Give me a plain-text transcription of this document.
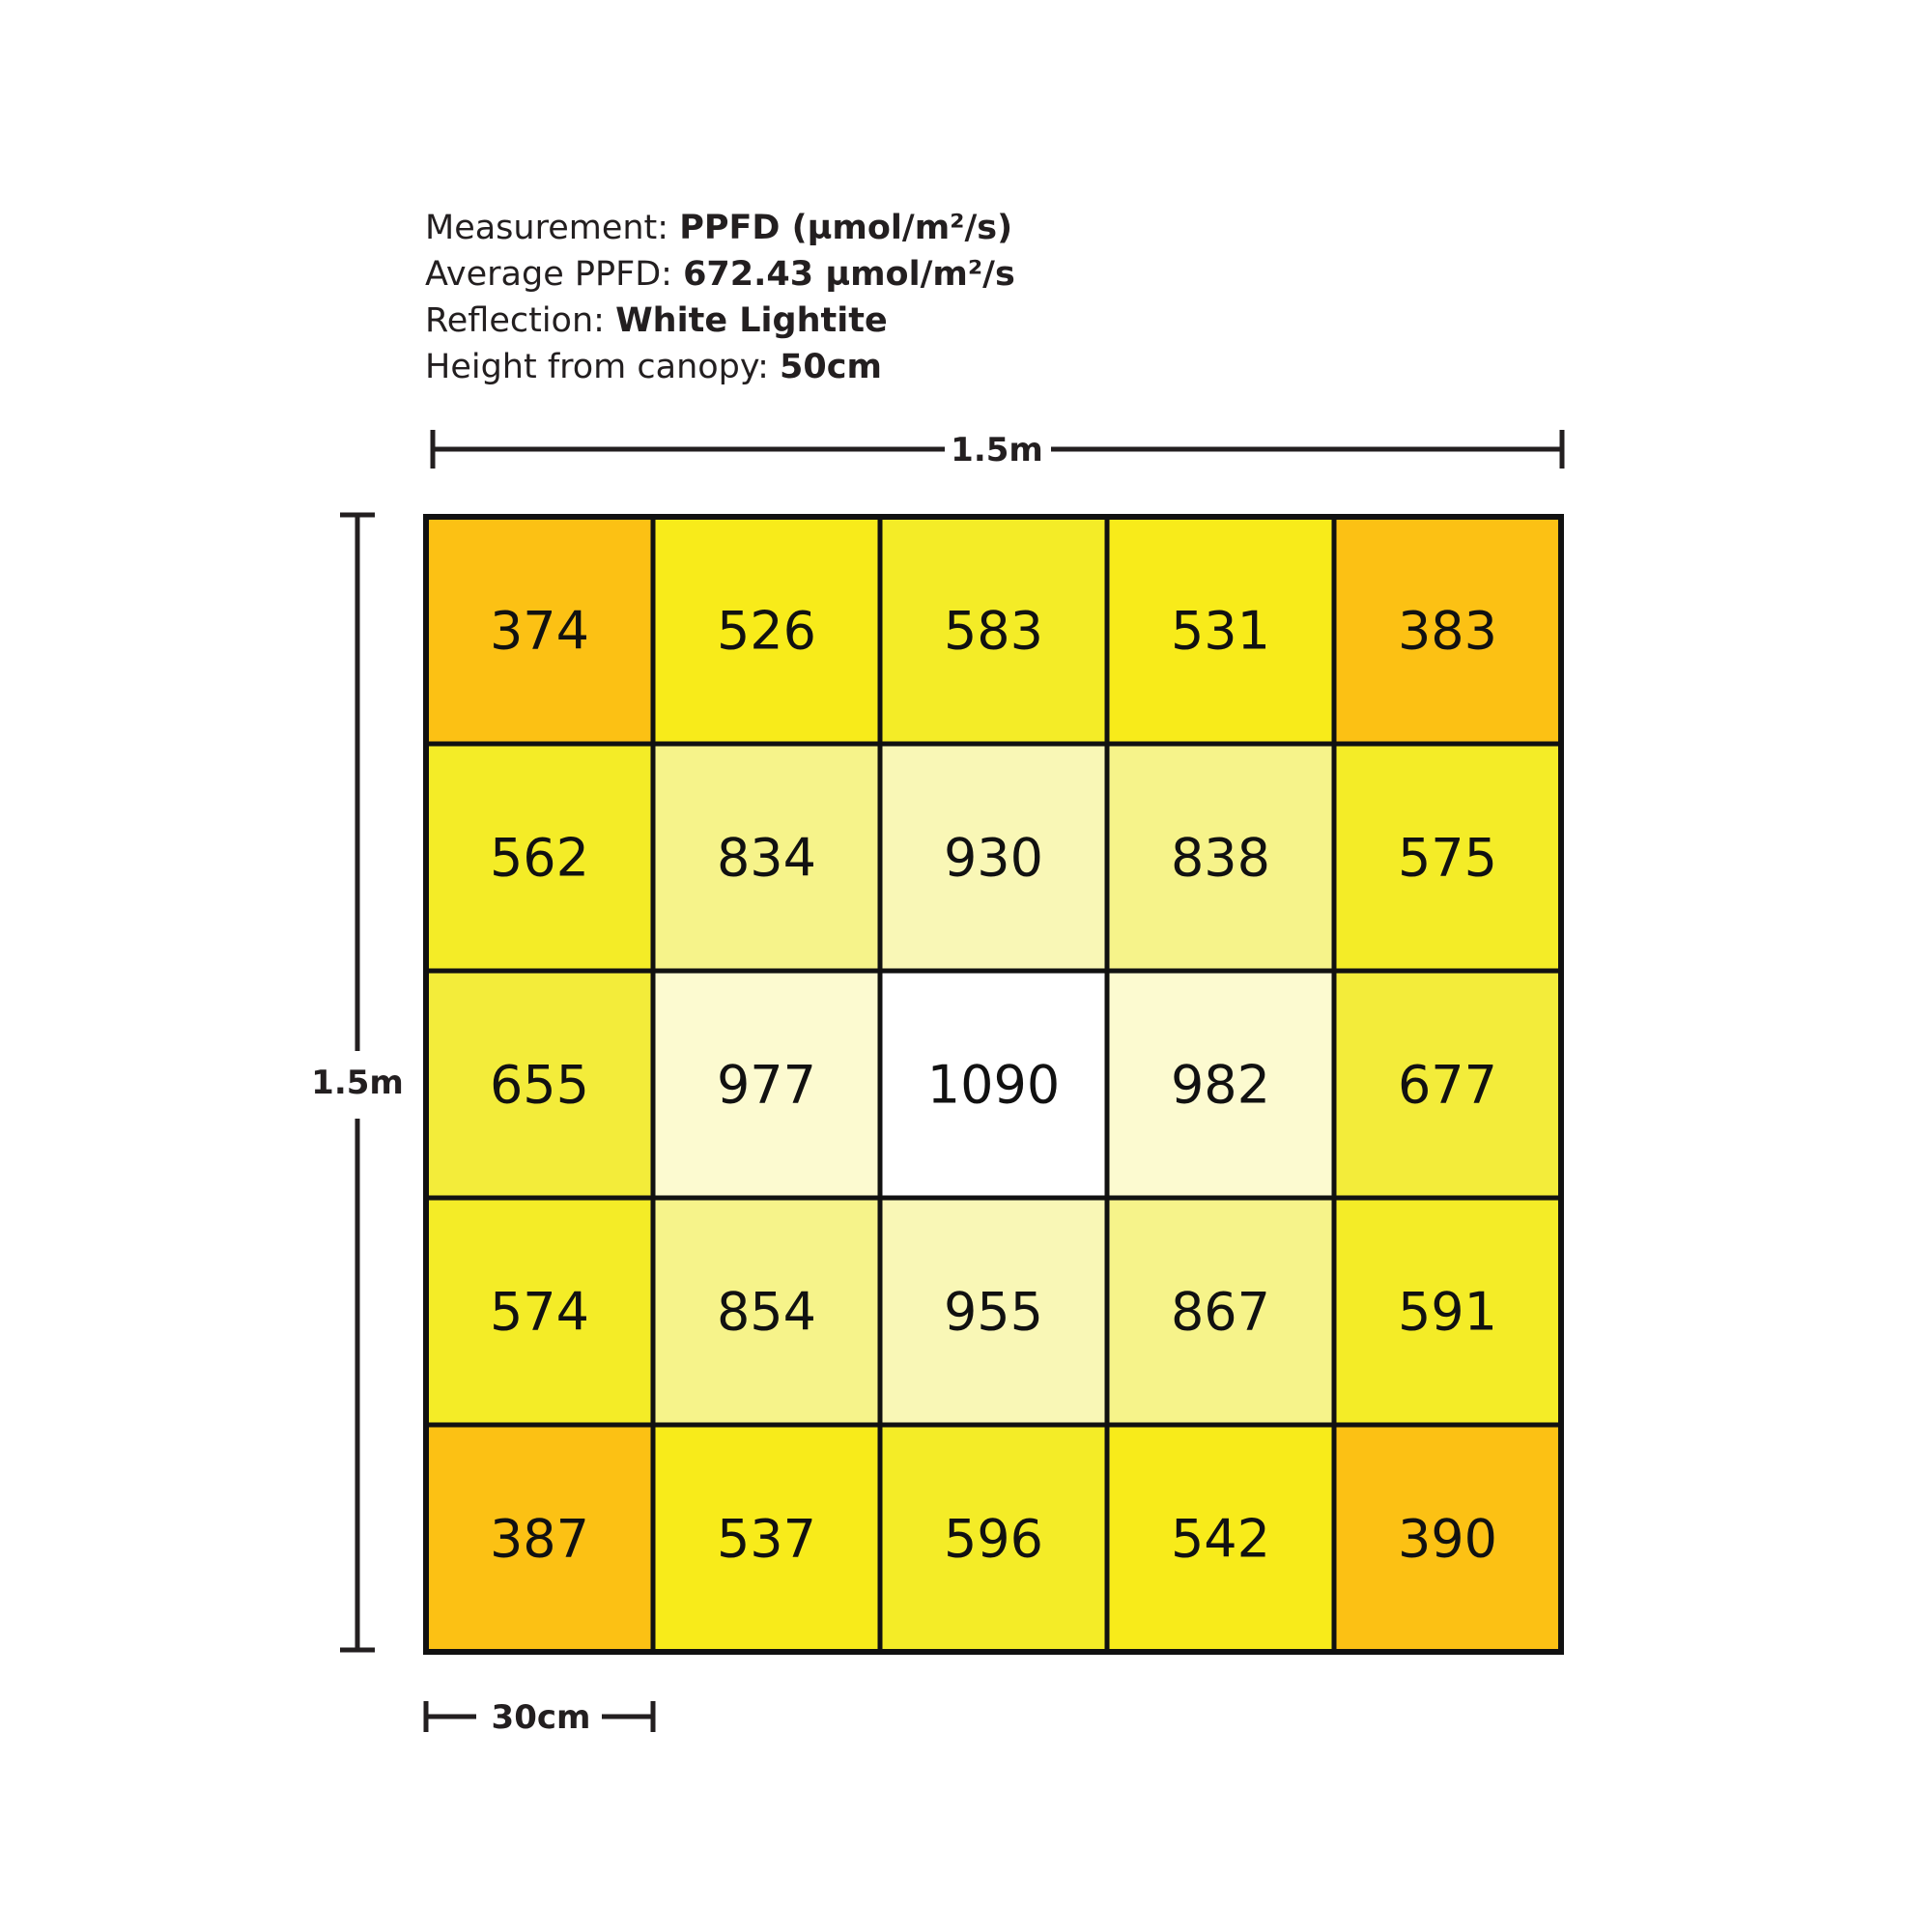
Measurement: PPFD (µmol/m²/s)
Average PPFD: 672.43 µmol/m²/s
Reflection: White Lightite
Height from canopy: 50cm
1.5m
1.5m
30cm
374 526 583 531 383
562 834 930 838 575
655 977 1090 982 677
574 854 955 867 591
387 537 596 542 390
